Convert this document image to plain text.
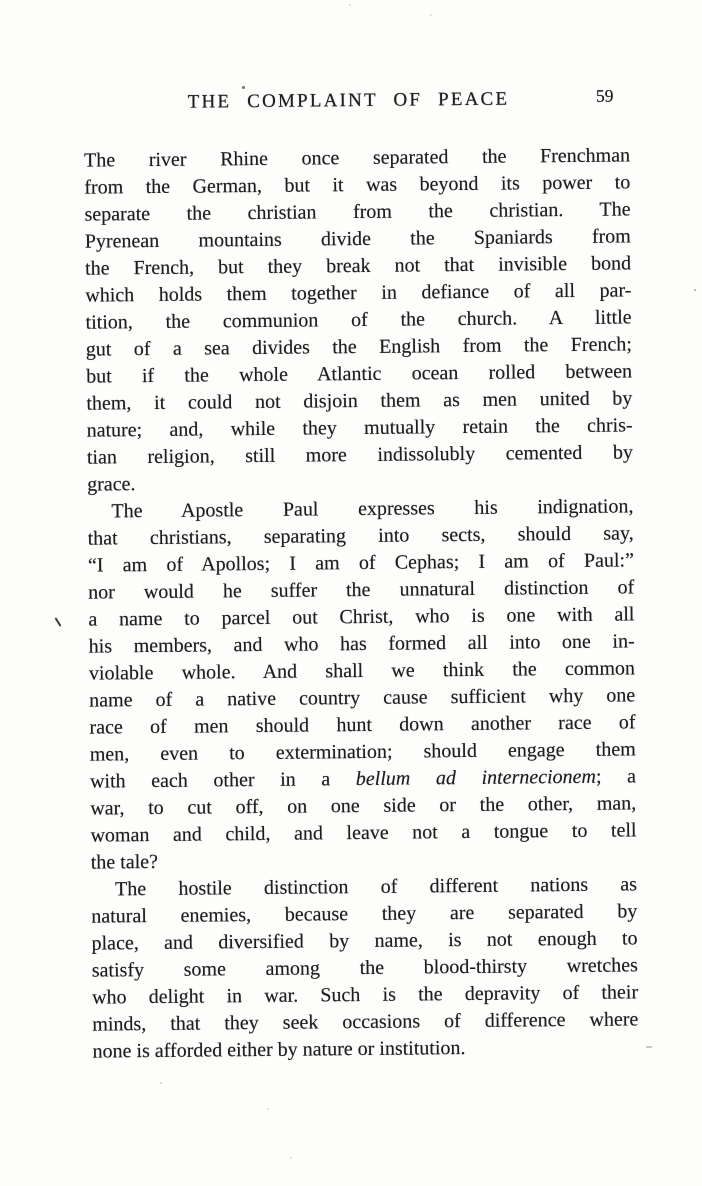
THE COMPLAINT OF PEACE	59
The river Rhine once separated the Frenchman
from the German, but it was beyond its power to
separate the christian from the christian. The
Pyrenean mountains divide the Spaniards from
the French, but they break not that invisible bond
which holds them together in defiance of all par-
tition, the communion of the church. A little
gut of a sea divides the English from the French;
but if the whole Atlantic ocean rolled between
them, it could not disjoin them as men united by
nature; and, while they mutually retain the chris-
tian religion, still more indissolubly cemented by
grace.
The Apostle Paul expresses his indignation,
that christians, separating into sects, should say,
“I am of Apollos; I am of Cephas; I am of Paul:”
nor would he suffer the unnatural distinction of
a name to parcel out Christ, who is one with all
his members, and who has formed all into one in-
violable whole. And shall we think the common
name of a native country cause sufficient why one
race of men should hunt down another race of
men, even to extermination; should engage them
with each other in a bellum ad internecionem; a
war, to cut off, on one side or the other, man,
woman and child, and leave not a tongue to tell
the tale?
The hostile distinction of different nations as
natural enemies, because they are separated by
place, and diversified by name, is not enough to
satisfy some among the blood-thirsty wretches
who delight in war. Such is the depravity of their
minds, that they seek occasions of difference where
none is afforded either by nature or institution.
